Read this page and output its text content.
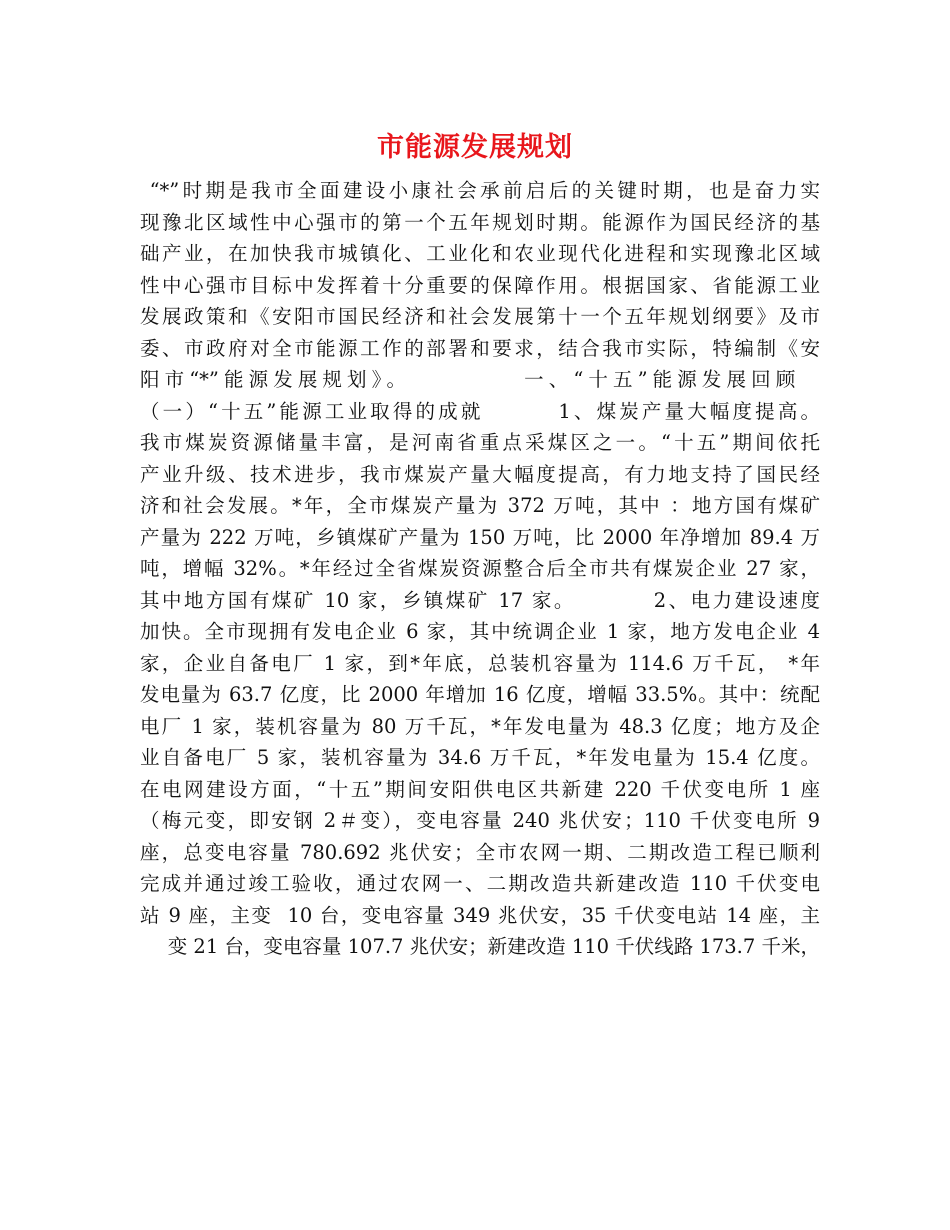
市能源发展规划
“*”时期是我市全面建设小康社会承前启后的关键时期，也是奋力实
现豫北区域性中心强市的第一个五年规划时期。能源作为国民经济的基
础产业，在加快我市城镇化、工业化和农业现代化进程和实现豫北区域
性中心强市目标中发挥着十分重要的保障作用。根据国家、省能源工业
发展政策和《安阳市国民经济和社会发展第十一个五年规划纲要》及市
委、市政府对全市能源工作的部署和要求，结合我市实际，特编制《安
阳市“*”能源发展规划》。          一、“十五”能源发展回顾
（一）“十五”能源工业取得的成就        1、煤炭产量大幅度提高。
我市煤炭资源储量丰富，是河南省重点采煤区之一。“十五”期间依托
产业升级、技术进步，我市煤炭产量大幅度提高，有力地支持了国民经
济和社会发展。*年，全市煤炭产量为 372 万吨，其中 ：地方国有煤矿
产量为 222 万吨，乡镇煤矿产量为 150 万吨，比 2000 年净增加 89.4 万
吨，增幅 32%。*年经过全省煤炭资源整合后全市共有煤炭企业 27 家，
其中地方国有煤矿 10 家，乡镇煤矿 17 家。         2、电力建设速度
加快。全市现拥有发电企业 6 家，其中统调企业 1 家，地方发电企业 4
家，企业自备电厂 1 家，到*年底，总装机容量为 114.6 万千瓦， *年
发电量为 63.7 亿度，比 2000 年增加 16 亿度，增幅 33.5%。其中：统配
电厂 1 家，装机容量为 80 万千瓦，*年发电量为 48.3 亿度；地方及企
业自备电厂 5 家，装机容量为 34.6 万千瓦，*年发电量为 15.4 亿度。
在电网建设方面，“十五”期间安阳供电区共新建 220 千伏变电所 1 座
（梅元变，即安钢 2＃变），变电容量 240 兆伏安；110 千伏变电所 9
座，总变电容量 780.692 兆伏安；全市农网一期、二期改造工程已顺利
完成并通过竣工验收，通过农网一、二期改造共新建改造 110 千伏变电
站 9 座，主变  10 台，变电容量 349 兆伏安，35 千伏变电站 14 座，主
变 21 台，变电容量 107.7 兆伏安；新建改造 110 千伏线路 173.7 千米，
